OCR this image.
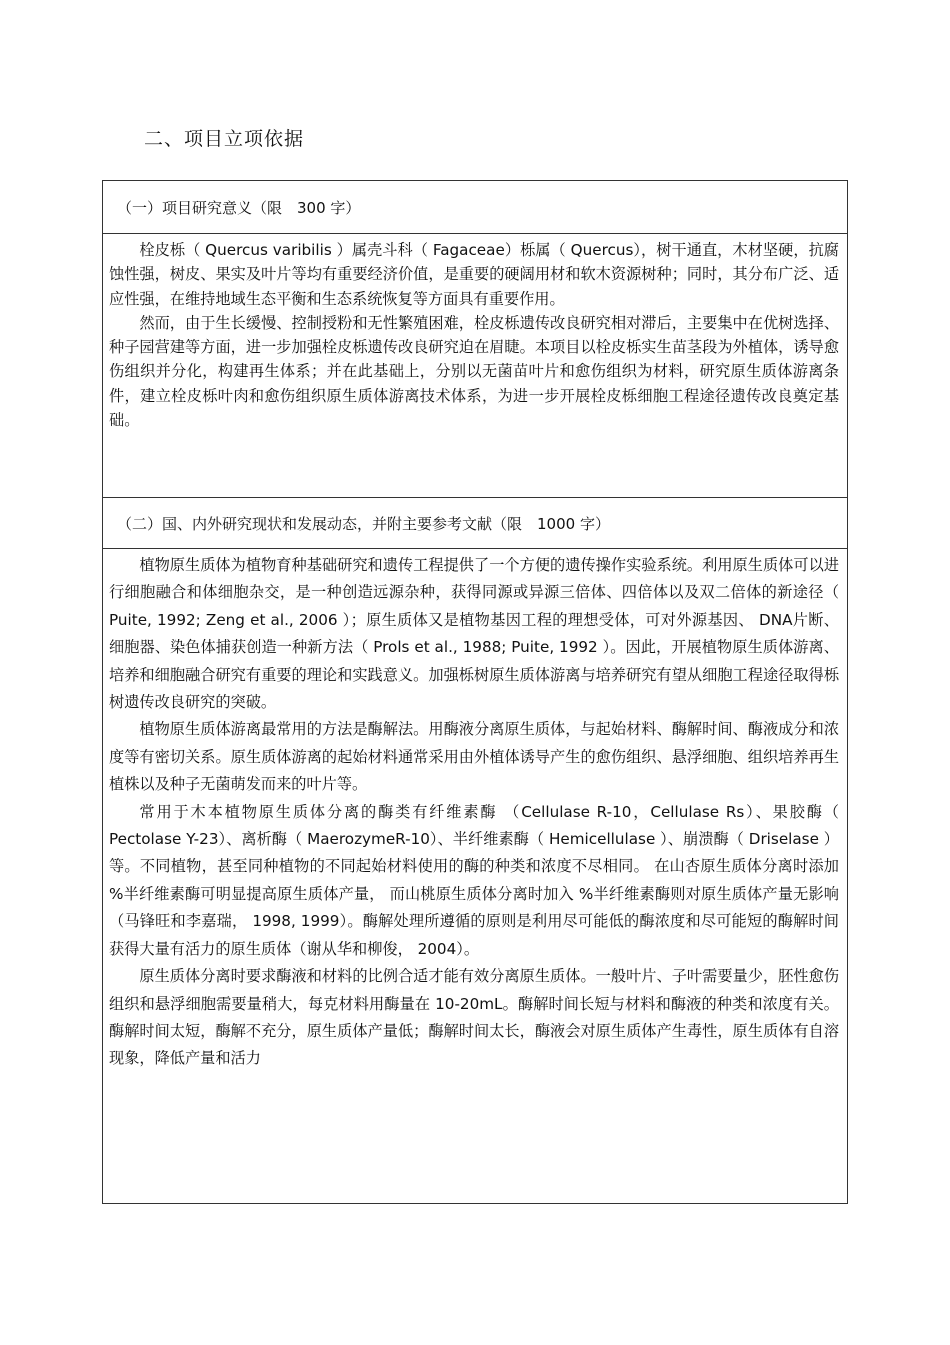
二、项目立项依据
（一）项目研究意义（限　300 字）

栓皮栎（ Quercus varibilis ）属壳斗科（ Fagaceae）栎属（ Quercus），树干通直，木材坚硬，抗腐蚀性强，树皮、果实及叶片等均有重要经济价值，是重要的硬阔用材和软木资源树种；同时，其分布广泛、适应性强，在维持地域生态平衡和生态系统恢复等方面具有重要作用。

然而，由于生长缓慢、控制授粉和无性繁殖困难，栓皮栎遗传改良研究相对滞后，主要集中在优树选择、种子园营建等方面，进一步加强栓皮栎遗传改良研究迫在眉睫。本项目以栓皮栎实生苗茎段为外植体，诱导愈伤组织并分化，构建再生体系；并在此基础上，分别以无菌苗叶片和愈伤组织为材料，研究原生质体游离条件，建立栓皮栎叶肉和愈伤组织原生质体游离技术体系，为进一步开展栓皮栎细胞工程途径遗传改良奠定基础。

（二）国、内外研究现状和发展动态，并附主要参考文献（限　1000 字）

植物原生质体为植物育种基础研究和遗传工程提供了一个方便的遗传操作实验系统。利用原生质体可以进行细胞融合和体细胞杂交，是一种创造远源杂种，获得同源或异源三倍体、四倍体以及双二倍体的新途径（ Puite, 1992; Zeng et al., 2006 ）；原生质体又是植物基因工程的理想受体，可对外源基因、 DNA片断、细胞器、染色体捕获创造一种新方法（ Prols et al., 1988; Puite, 1992 ）。因此，开展植物原生质体游离、培养和细胞融合研究有重要的理论和实践意义。加强栎树原生质体游离与培养研究有望从细胞工程途径取得栎树遗传改良研究的突破。

植物原生质体游离最常用的方法是酶解法。用酶液分离原生质体，与起始材料、酶解时间、酶液成分和浓度等有密切关系。原生质体游离的起始材料通常采用由外植体诱导产生的愈伤组织、悬浮细胞、组织培养再生植株以及种子无菌萌发而来的叶片等。

常用于木本植物原生质体分离的酶类有纤维素酶 （Cellulase R-10，Cellulase Rs）、果胶酶（ Pectolase Y-23）、离析酶（ MaerozymeR-10）、半纤维素酶（ Hemicellulase ）、崩溃酶（ Driselase ）等。不同植物，甚至同种植物的不同起始材料使用的酶的种类和浓度不尽相同。 在山杏原生质体分离时添加 %半纤维素酶可明显提高原生质体产量， 而山桃原生质体分离时加入 %半纤维素酶则对原生质体产量无影响（马锋旺和李嘉瑞， 1998, 1999）。酶解处理所遵循的原则是利用尽可能低的酶浓度和尽可能短的酶解时间获得大量有活力的原生质体（谢从华和柳俊， 2004）。

原生质体分离时要求酶液和材料的比例合适才能有效分离原生质体。一般叶片、子叶需要量少，胚性愈伤组织和悬浮细胞需要量稍大，每克材料用酶量在 10-20mL。酶解时间长短与材料和酶液的种类和浓度有关。酶解时间太短，酶解不充分，原生质体产量低；酶解时间太长，酶液会对原生质体产生毒性，原生质体有自溶现象，降低产量和活力
